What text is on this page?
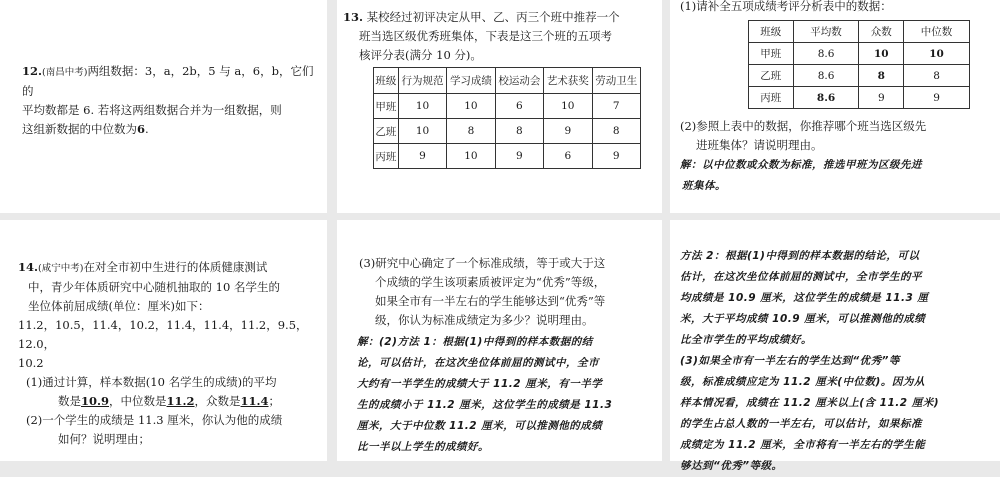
12.(南昌中考)两组数据：3，a，2b，5 与 a，6，b，它们的
平均数都是 6. 若将这两组数据合并为一组数据，则
这组新数据的中位数为6.
13. 某校经过初评决定从甲、乙、丙三个班中推荐一个
班当选区级优秀班集体，下表是这三个班的五项考
核评分表(满分 10 分)。
班级	行为规范	学习成绩	校运动会	艺术获奖	劳动卫生
甲班	10	10	6	10	7
乙班	10	8	8	9	8
丙班	9	10	9	6	9
(1)请补全五项成绩考评分析表中的数据：
班级	平均数	众数	中位数
甲班	8.6	10	10
乙班	8.6	8	8
丙班	8.6	9	9
(2)参照上表中的数据，你推荐哪个班当选区级先
进班集体？请说明理由。
解：以中位数或众数为标准，推选甲班为区级先进
班集体。
14.(咸宁中考)在对全市初中生进行的体质健康测试
中，青少年体质研究中心随机抽取的 10 名学生的
坐位体前屈成绩(单位：厘米)如下：
11.2，10.5，11.4，10.2，11.4，11.4，11.2，9.5，12.0，
10.2
(1)通过计算，样本数据(10 名学生的成绩)的平均
数是10.9，中位数是11.2，众数是11.4；
(2)一个学生的成绩是 11.3 厘米，你认为他的成绩
如何？说明理由；
(3)研究中心确定了一个标准成绩，等于或大于这
个成绩的学生该项素质被评定为“优秀”等级，
如果全市有一半左右的学生能够达到“优秀”等
级，你认为标准成绩定为多少？说明理由。
解：(2)方法 1：根据(1)中得到的样本数据的结
论，可以估计，在这次坐位体前屈的测试中，全市
大约有一半学生的成绩大于 11.2 厘米，有一半学
生的成绩小于 11.2 厘米，这位学生的成绩是 11.3
厘米，大于中位数 11.2 厘米，可以推测他的成绩
比一半以上学生的成绩好。
方法 2：根据(1)中得到的样本数据的结论，可以
估计，在这次坐位体前屈的测试中，全市学生的平
均成绩是 10.9 厘米，这位学生的成绩是 11.3 厘
米，大于平均成绩 10.9 厘米，可以推测他的成绩
比全市学生的平均成绩好。
(3)如果全市有一半左右的学生达到“优秀”等
级，标准成绩应定为 11.2 厘米(中位数)。因为从
样本情况看，成绩在 11.2 厘米以上(含 11.2 厘米)
的学生占总人数的一半左右，可以估计，如果标准
成绩定为 11.2 厘米，全市将有一半左右的学生能
够达到“优秀”等级。
